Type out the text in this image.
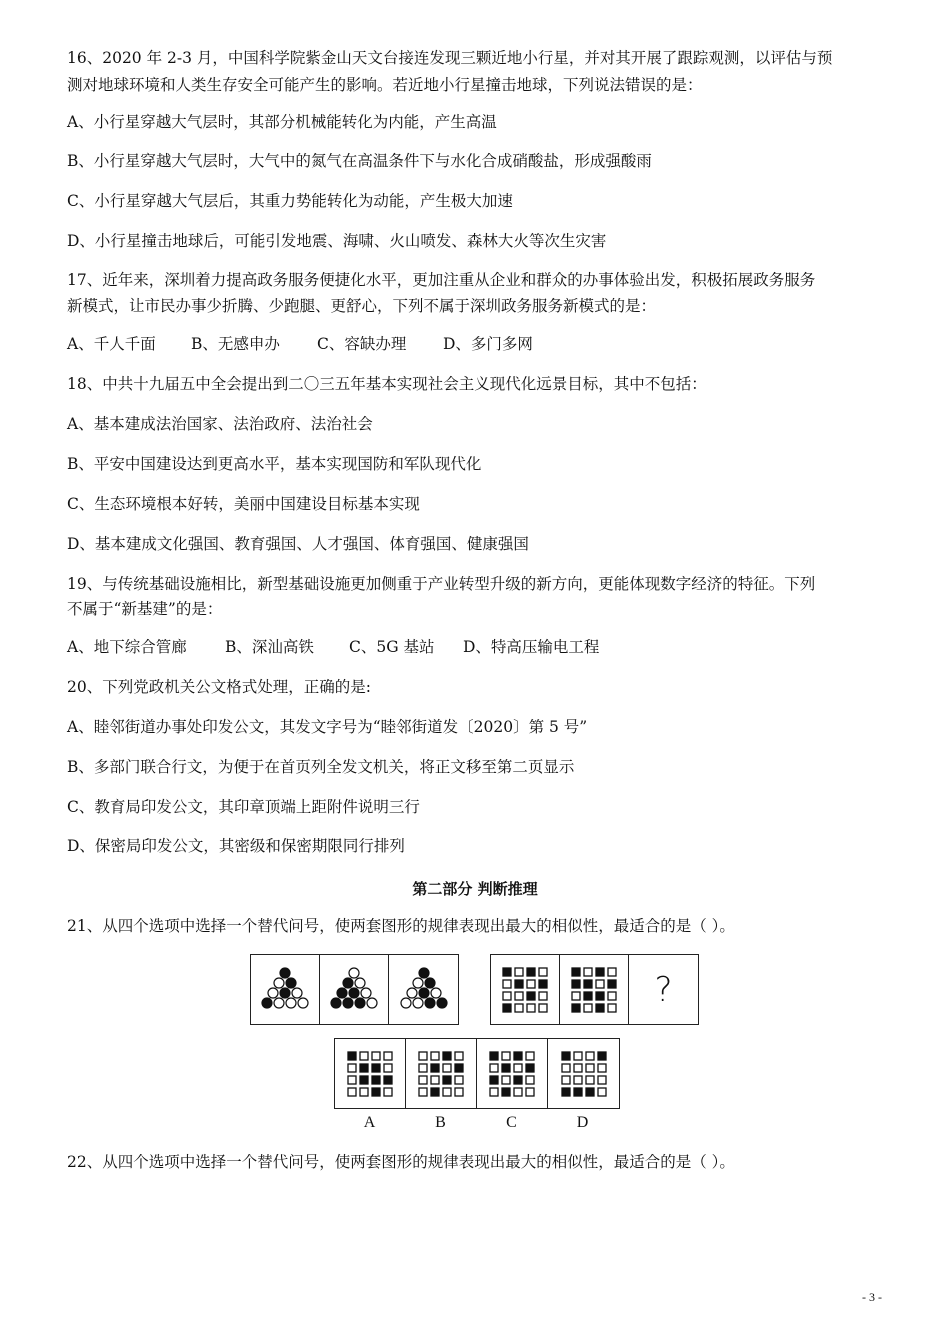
16、2020 年 2-3 月，中国科学院紫金山天文台接连发现三颗近地小行星，并对其开展了跟踪观测，以评估与预
测对地球环境和人类生存安全可能产生的影响。若近地小行星撞击地球，下列说法错误的是：
A、小行星穿越大气层时，其部分机械能转化为内能，产生高温
B、小行星穿越大气层时，大气中的氮气在高温条件下与水化合成硝酸盐，形成强酸雨
C、小行星穿越大气层后，其重力势能转化为动能，产生极大加速
D、小行星撞击地球后，可能引发地震、海啸、火山喷发、森林大火等次生灾害
17、近年来，深圳着力提高政务服务便捷化水平，更加注重从企业和群众的办事体验出发，积极拓展政务服务
新模式，让市民办事少折腾、少跑腿、更舒心，下列不属于深圳政务服务新模式的是：
A、千人千面 B、无感申办 C、容缺办理 D、多门多网
18、中共十九届五中全会提出到二〇三五年基本实现社会主义现代化远景目标，其中不包括：
A、基本建成法治国家、法治政府、法治社会
B、平安中国建设达到更高水平，基本实现国防和军队现代化
C、生态环境根本好转，美丽中国建设目标基本实现
D、基本建成文化强国、教育强国、人才强国、体育强国、健康强国
19、与传统基础设施相比，新型基础设施更加侧重于产业转型升级的新方向，更能体现数字经济的特征。下列
不属于“新基建”的是：
A、地下综合管廊 B、深汕高铁 C、5G 基站 D、特高压输电工程
20、下列党政机关公文格式处理，正确的是:
A、睦邻街道办事处印发公文，其发文字号为“睦邻街道发〔2020〕第 5 号”
B、多部门联合行文，为便于在首页列全发文机关，将正文移至第二页显示
C、教育局印发公文，其印章顶端上距附件说明三行
D、保密局印发公文，其密级和保密期限同行排列
第二部分 判断推理
21、从四个选项中选择一个替代问号，使两套图形的规律表现出最大的相似性，最适合的是（ ）。
?
A	B	C	D
22、从四个选项中选择一个替代问号，使两套图形的规律表现出最大的相似性，最适合的是（ ）。
- 3 -
